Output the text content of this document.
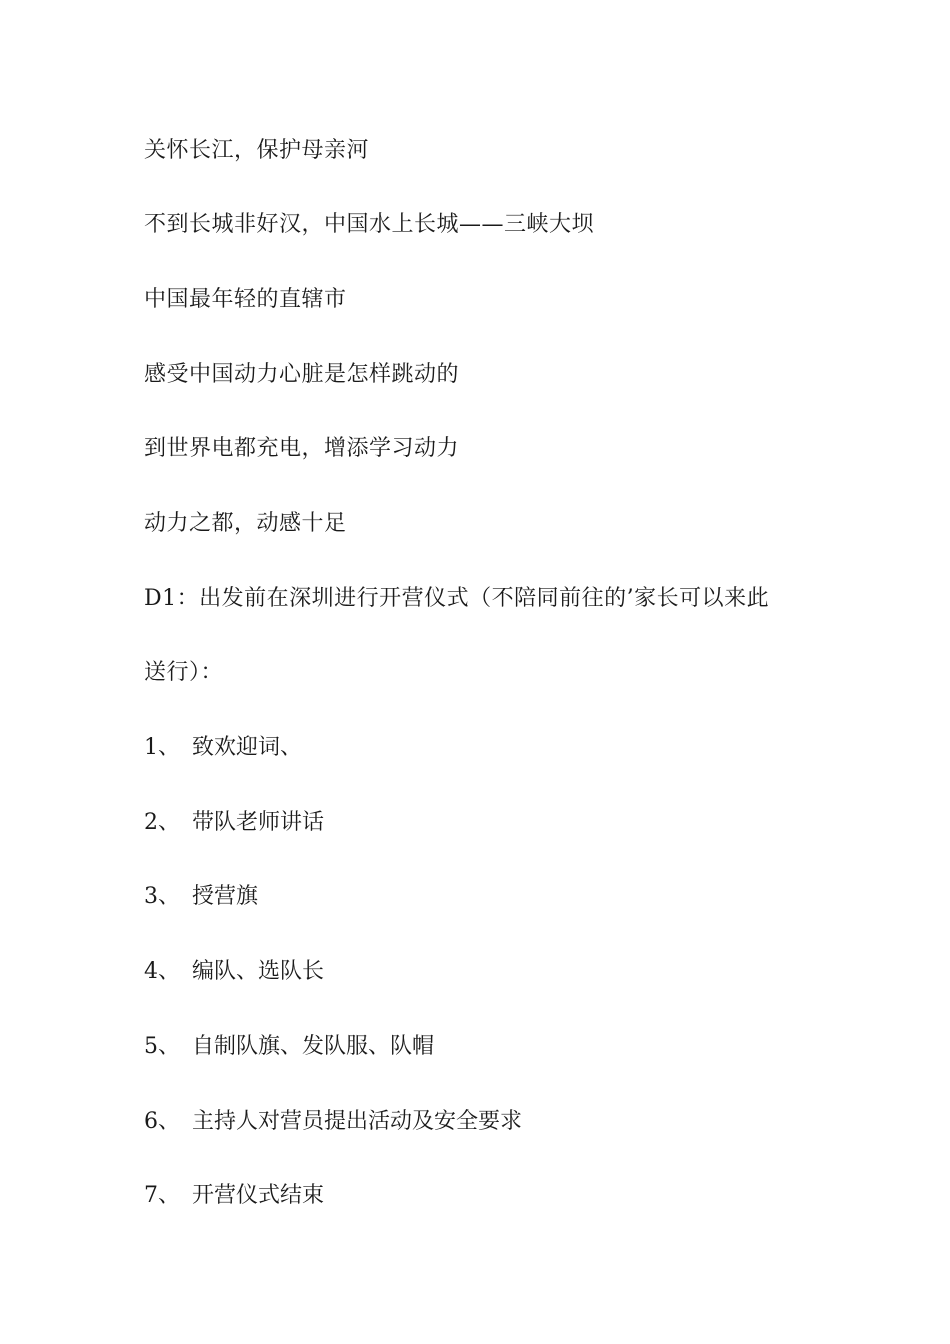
关怀长江，保护母亲河
不到长城非好汉，中国水上长城——三峡大坝
中国最年轻的直辖市
感受中国动力心脏是怎样跳动的
到世界电都充电，增添学习动力
动力之都，动感十足
D1：出发前在深圳进行开营仪式（不陪同前往的’家长可以来此
送行）：
1、 致欢迎词、
2、 带队老师讲话
3、 授营旗
4、 编队、选队长
5、 自制队旗、发队服、队帽
6、 主持人对营员提出活动及安全要求
7、 开营仪式结束
